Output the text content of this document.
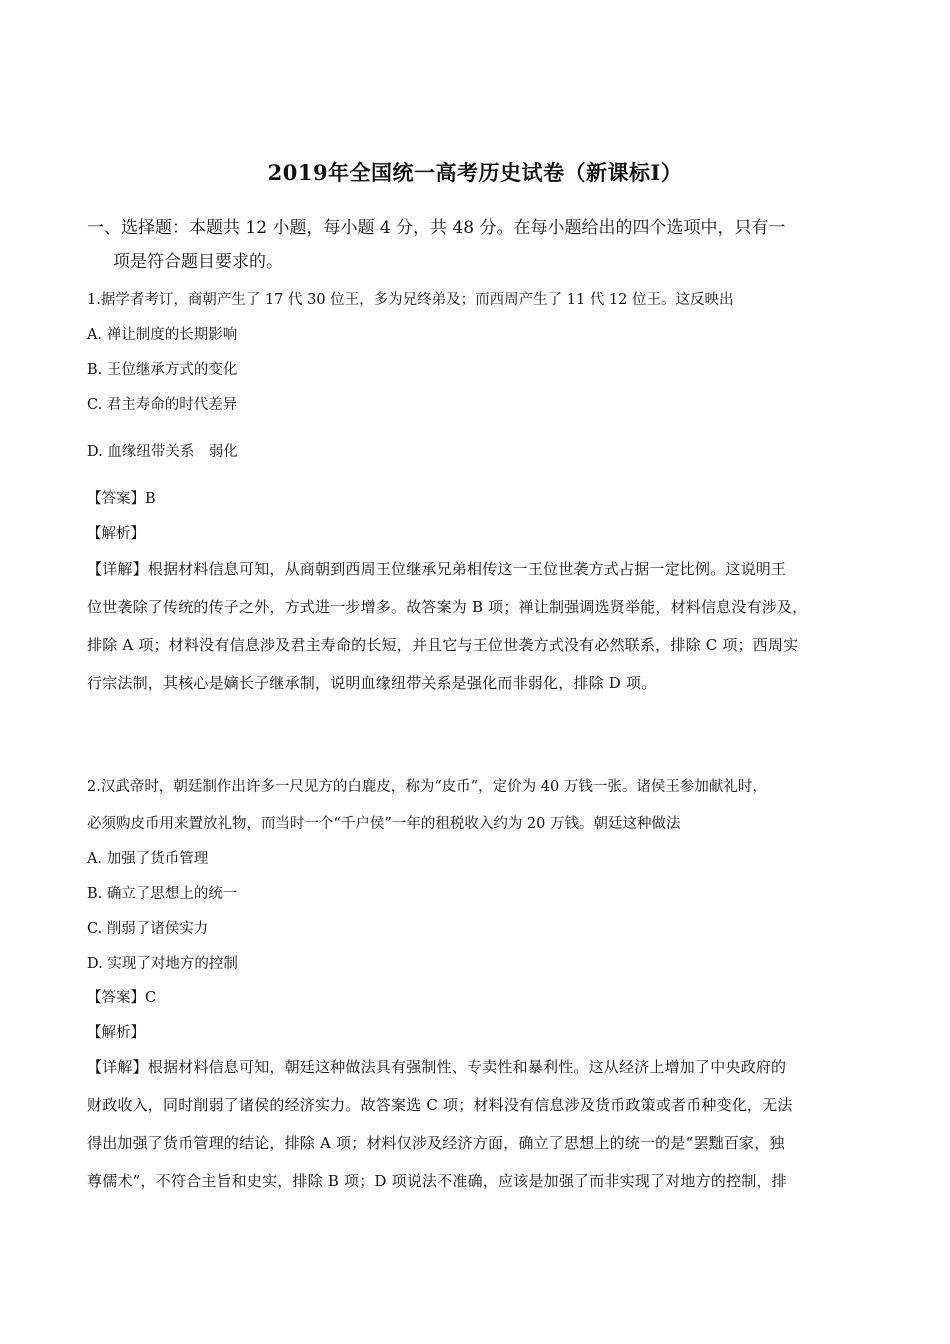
2019年全国统一高考历史试卷（新课标Ⅰ）
一、选择题：本题共 12 小题，每小题 4 分，共 48 分。在每小题给出的四个选项中，只有一
项是符合题目要求的。
1.据学者考订，商朝产生了 17 代 30 位王，多为兄终弟及；而西周产生了 11 代 12 位王。这反映出
A. 禅让制度的长期影响
B. 王位继承方式的变化
C. 君主寿命的时代差异
D. 血缘纽带关系　弱化
【答案】B
【解析】
【详解】根据材料信息可知，从商朝到西周王位继承兄弟相传这一王位世袭方式占据一定比例。这说明王
位世袭除了传统的传子之外，方式进一步增多。故答案为 B 项；禅让制强调选贤举能，材料信息没有涉及，
排除 A 项；材料没有信息涉及君主寿命的长短，并且它与王位世袭方式没有必然联系，排除 C 项；西周实
行宗法制，其核心是嫡长子继承制，说明血缘纽带关系是强化而非弱化，排除 D 项。
2.汉武帝时，朝廷制作出许多一尺见方的白鹿皮，称为“皮币”，定价为 40 万钱一张。诸侯王参加献礼时，
必须购皮币用来置放礼物，而当时一个“千户侯”一年的租税收入约为 20 万钱。朝廷这种做法
A. 加强了货币管理
B. 确立了思想上的统一
C. 削弱了诸侯实力
D. 实现了对地方的控制
【答案】C
【解析】
【详解】根据材料信息可知，朝廷这种做法具有强制性、专卖性和暴利性。这从经济上增加了中央政府的
财政收入，同时削弱了诸侯的经济实力。故答案选 C 项；材料没有信息涉及货币政策或者币种变化，无法
得出加强了货币管理的结论，排除 A 项；材料仅涉及经济方面，确立了思想上的统一的是“罢黜百家，独
尊儒术”，不符合主旨和史实，排除 B 项；D 项说法不准确，应该是加强了而非实现了对地方的控制，排
